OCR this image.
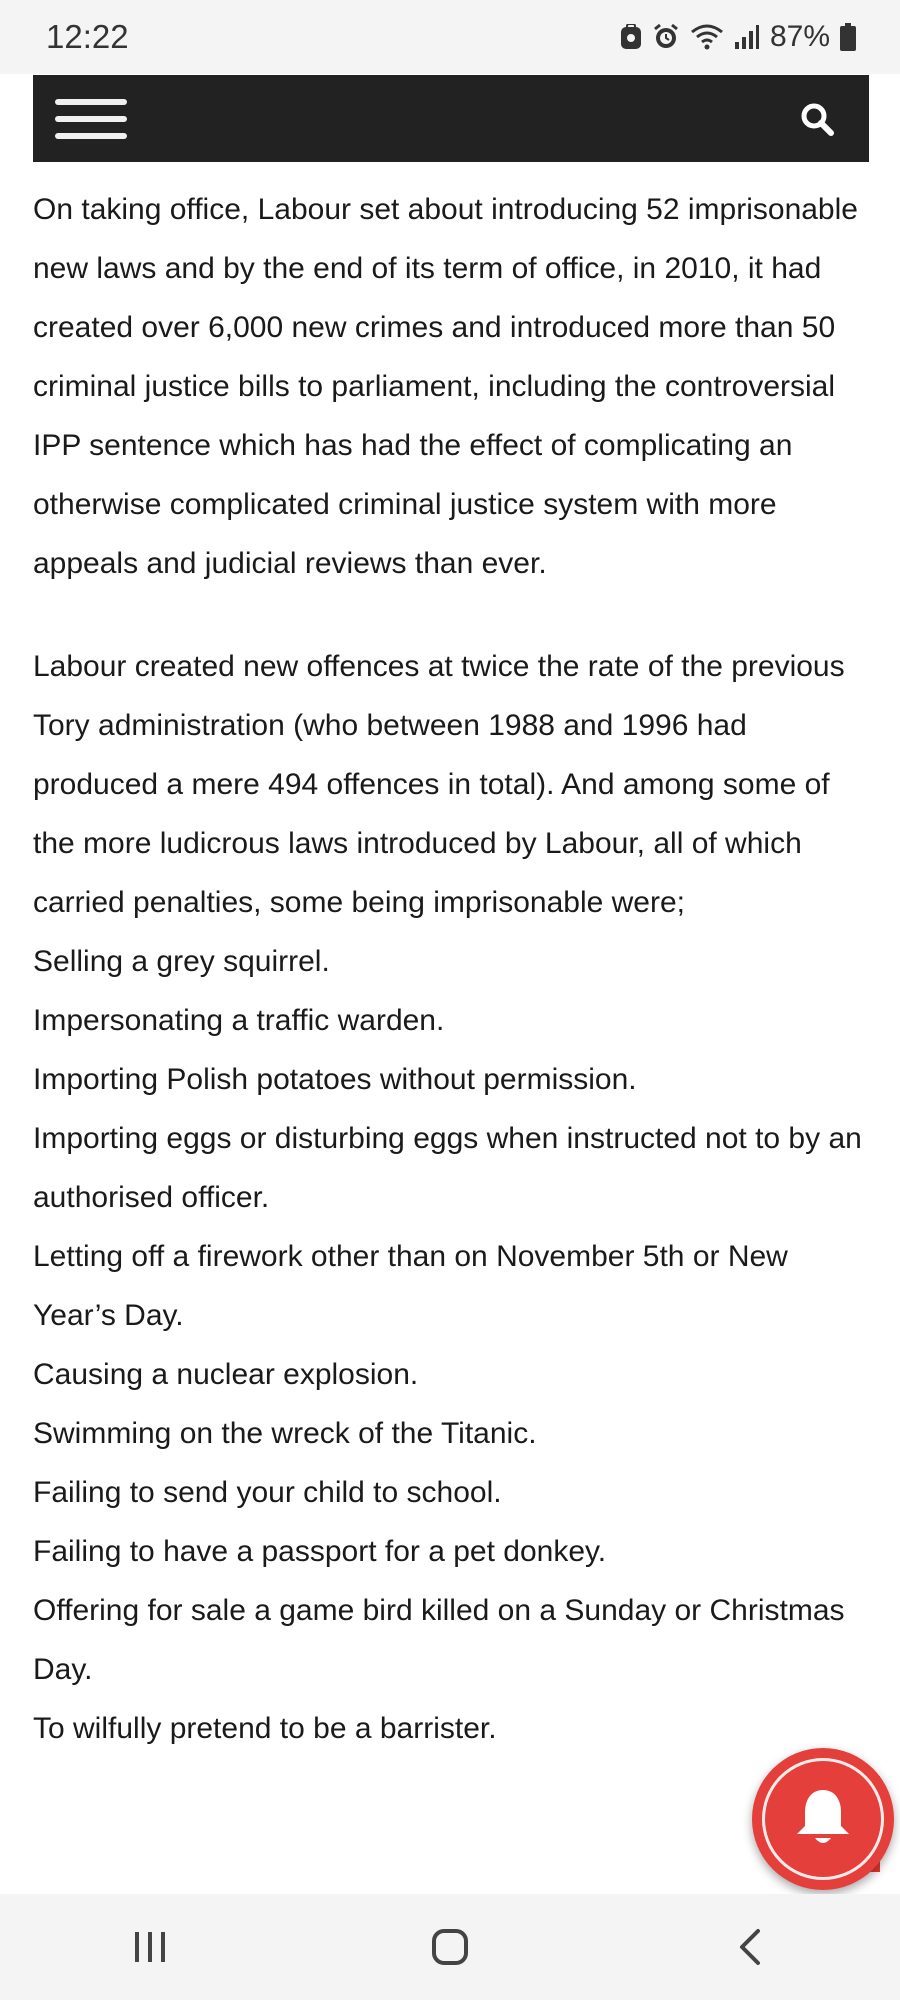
12:22	87%

On taking office, Labour set about introducing 52 imprisonable new laws and by the end of its term of office, in 2010, it had created over 6,000 new crimes and introduced more than 50 criminal justice bills to parliament, including the controversial IPP sentence which has had the effect of complicating an otherwise complicated criminal justice system with more appeals and judicial reviews than ever.

Labour created new offences at twice the rate of the previous Tory administration (who between 1988 and 1996 had produced a mere 494 offences in total). And among some of the more ludicrous laws introduced by Labour, all of which carried penalties, some being imprisonable were;

Selling a grey squirrel.
Impersonating a traffic warden.
Importing Polish potatoes without permission.
Importing eggs or disturbing eggs when instructed not to by an authorised officer.
Letting off a firework other than on November 5th or New Year’s Day.
Causing a nuclear explosion.
Swimming on the wreck of the Titanic.
Failing to send your child to school.
Failing to have a passport for a pet donkey.
Offering for sale a game bird killed on a Sunday or Christmas Day.
To wilfully pretend to be a barrister.
